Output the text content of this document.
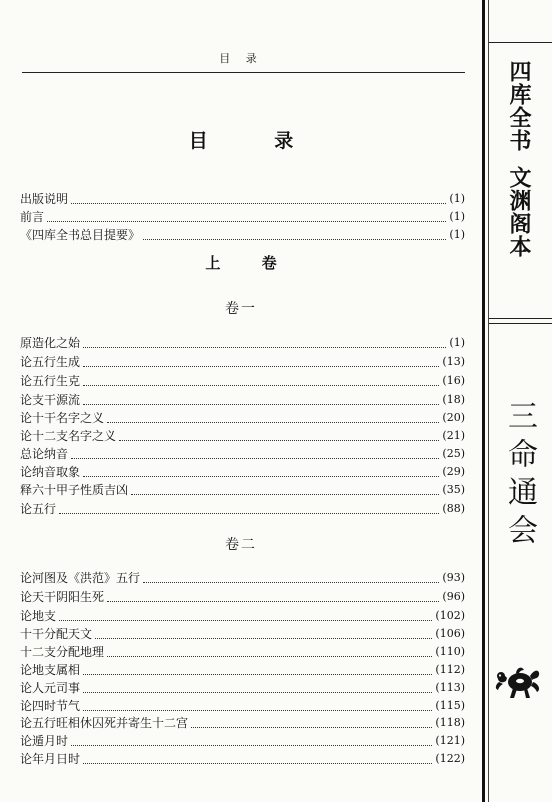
目 录
目 录
出版说明	(1)
前言	(1)
《四库全书总目提要》	(1)
上 卷
卷一
原造化之始	(1)
论五行生成	(13)
论五行生克	(16)
论支干源流	(18)
论十干名字之义	(20)
论十二支名字之义	(21)
总论纳音	(25)
论纳音取象	(29)
释六十甲子性质吉凶	(35)
论五行	(88)
卷二
论河图及《洪范》五行	(93)
论天干阴阳生死	(96)
论地支	(102)
十干分配天文	(106)
十二支分配地理	(110)
论地支属相	(112)
论人元司事	(113)
论四时节气	(115)
论五行旺相休囚死并寄生十二宫	(118)
论遁月时	(121)
论年月日时	(122)
四库全书文渊阁本
三命通会
